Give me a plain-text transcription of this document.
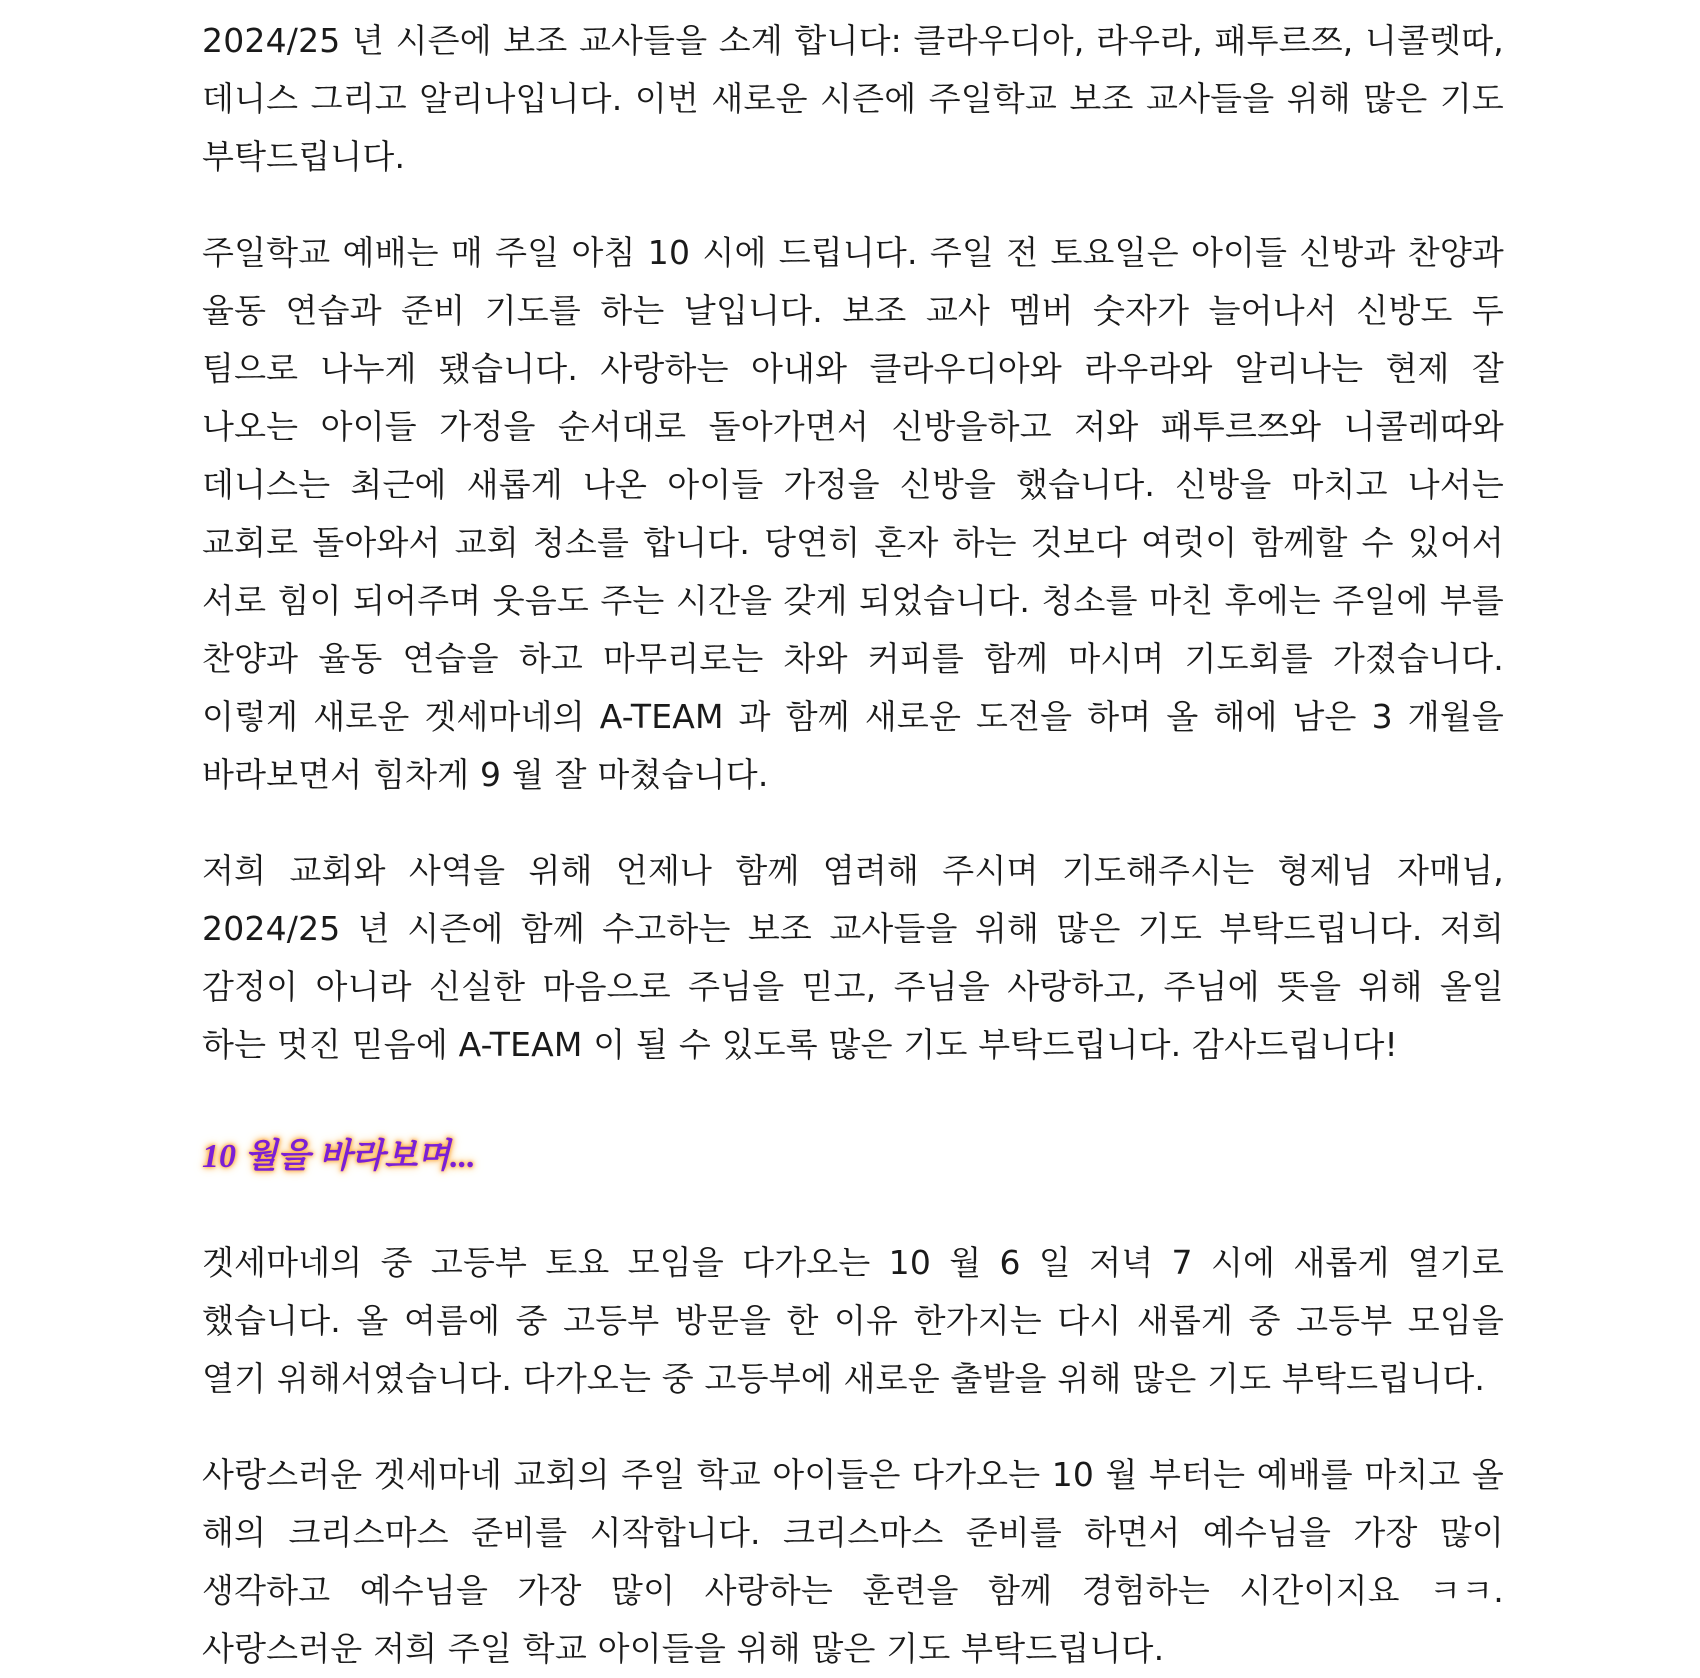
2024/25 년 시즌에 보조 교사들을 소계 합니다: 클라우디아, 라우라, 패투르쯔, 니콜렛따, 데니스 그리고 알리나입니다. 이번 새로운 시즌에 주일학교 보조 교사들을 위해 많은 기도 부탁드립니다.

주일학교 예배는 매 주일 아침 10 시에 드립니다. 주일 전 토요일은 아이들 신방과 찬양과 율동 연습과 준비 기도를 하는 날입니다. 보조 교사 멤버 숫자가 늘어나서 신방도 두 팀으로 나누게 됐습니다. 사랑하는 아내와 클라우디아와 라우라와 알리나는 현제 잘 나오는 아이들 가정을 순서대로 돌아가면서 신방을하고 저와 패투르쯔와 니콜레따와 데니스는 최근에 새롭게 나온 아이들 가정을 신방을 했습니다. 신방을 마치고 나서는 교회로 돌아와서 교회 청소를 합니다. 당연히 혼자 하는 것보다 여럿이 함께할 수 있어서 서로 힘이 되어주며 웃음도 주는 시간을 갖게 되었습니다. 청소를 마친 후에는 주일에 부를 찬양과 율동 연습을 하고 마무리로는 차와 커피를 함께 마시며 기도회를 가졌습니다. 이렇게 새로운 겟세마네의 A-TEAM 과 함께 새로운 도전을 하며 올 해에 남은 3 개월을 바라보면서 힘차게 9 월 잘 마쳤습니다.

저희 교회와 사역을 위해 언제나 함께 염려해 주시며 기도해주시는 형제님 자매님, 2024/25 년 시즌에 함께 수고하는 보조 교사들을 위해 많은 기도 부탁드립니다. 저희 감정이 아니라 신실한 마음으로 주님을 믿고, 주님을 사랑하고, 주님에 뜻을 위해 올일 하는 멋진 믿음에 A-TEAM 이 될 수 있도록 많은 기도 부탁드립니다. 감사드립니다!

10 월을 바라보며...

겟세마네의 중 고등부 토요 모임을 다가오는 10 월 6 일 저녁 7 시에 새롭게 열기로 했습니다. 올 여름에 중 고등부 방문을 한 이유 한가지는 다시 새롭게 중 고등부 모임을 열기 위해서였습니다. 다가오는 중 고등부에 새로운 출발을 위해 많은 기도 부탁드립니다.

사랑스러운 겟세마네 교회의 주일 학교 아이들은 다가오는 10 월 부터는 예배를 마치고 올 해의 크리스마스 준비를 시작합니다. 크리스마스 준비를 하면서 예수님을 가장 많이 생각하고 예수님을 가장 많이 사랑하는 훈련을 함께 경험하는 시간이지요 ㅋㅋ. 사랑스러운 저희 주일 학교 아이들을 위해 많은 기도 부탁드립니다.
